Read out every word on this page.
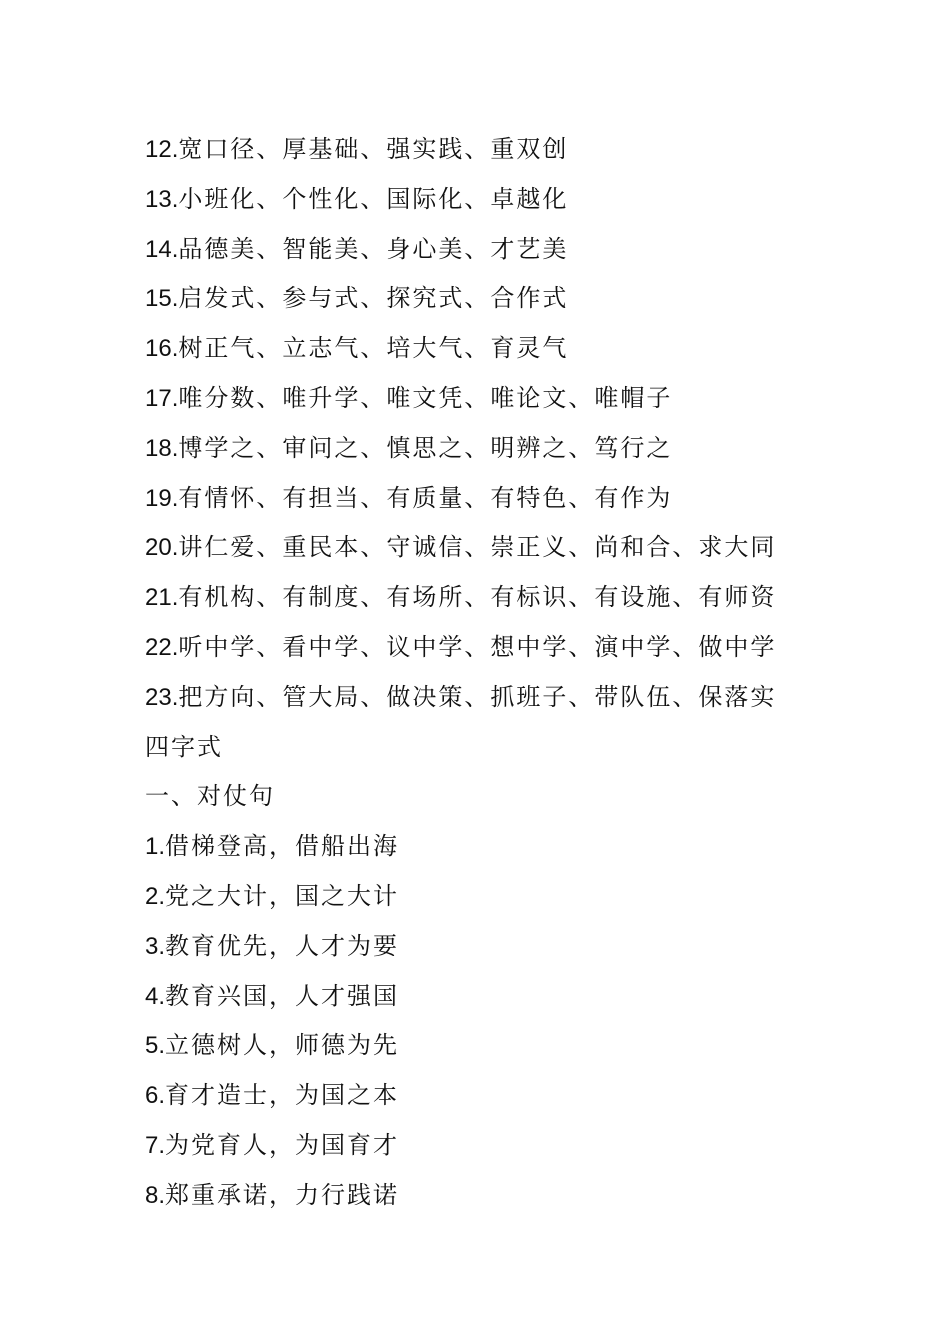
12.宽口径、厚基础、强实践、重双创
13.小班化、个性化、国际化、卓越化
14.品德美、智能美、身心美、才艺美
15.启发式、参与式、探究式、合作式
16.树正气、立志气、培大气、育灵气
17.唯分数、唯升学、唯文凭、唯论文、唯帽子
18.博学之、审问之、慎思之、明辨之、笃行之
19.有情怀、有担当、有质量、有特色、有作为
20.讲仁爱、重民本、守诚信、崇正义、尚和合、求大同
21.有机构、有制度、有场所、有标识、有设施、有师资
22.听中学、看中学、议中学、想中学、演中学、做中学
23.把方向、管大局、做决策、抓班子、带队伍、保落实
四字式
一、对仗句
1.借梯登高，借船出海
2.党之大计，国之大计
3.教育优先，人才为要
4.教育兴国，人才强国
5.立德树人，师德为先
6.育才造士，为国之本
7.为党育人，为国育才
8.郑重承诺，力行践诺
